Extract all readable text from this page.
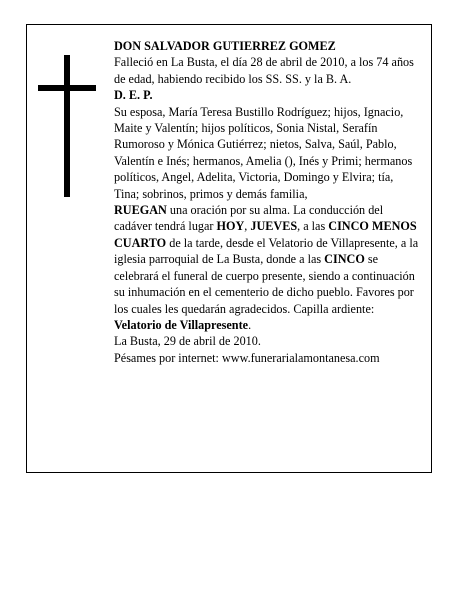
DON SALVADOR GUTIERREZ GOMEZ

Falleció en La Busta, el día 28 de abril de 2010, a los 74 años de edad, habiendo recibido los SS. SS. y la B. A.

D. E. P.

Su esposa, María Teresa Bustillo Rodríguez; hijos, Ignacio, Maite y Valentín; hijos políticos, Sonia Nistal, Serafín Rumoroso y Mónica Gutiérrez; nietos, Salva, Saúl, Pablo, Valentín e Inés; hermanos, Amelia (), Inés y Primi; hermanos políticos, Angel, Adelita, Victoria, Domingo y Elvira; tía, Tina; sobrinos, primos y demás familia,

RUEGAN una oración por su alma. La conducción del cadáver tendrá lugar HOY, JUEVES, a las CINCO MENOS CUARTO de la tarde, desde el Velatorio de Villapresente, a la iglesia parroquial de La Busta, donde a las CINCO se celebrará el funeral de cuerpo presente, siendo a continuación su inhumación en el cementerio de dicho pueblo. Favores por los cuales les quedarán agradecidos. Capilla ardiente: Velatorio de Villapresente.

La Busta, 29 de abril de 2010.

Pésames por internet: www.funerarialamontanesa.com
